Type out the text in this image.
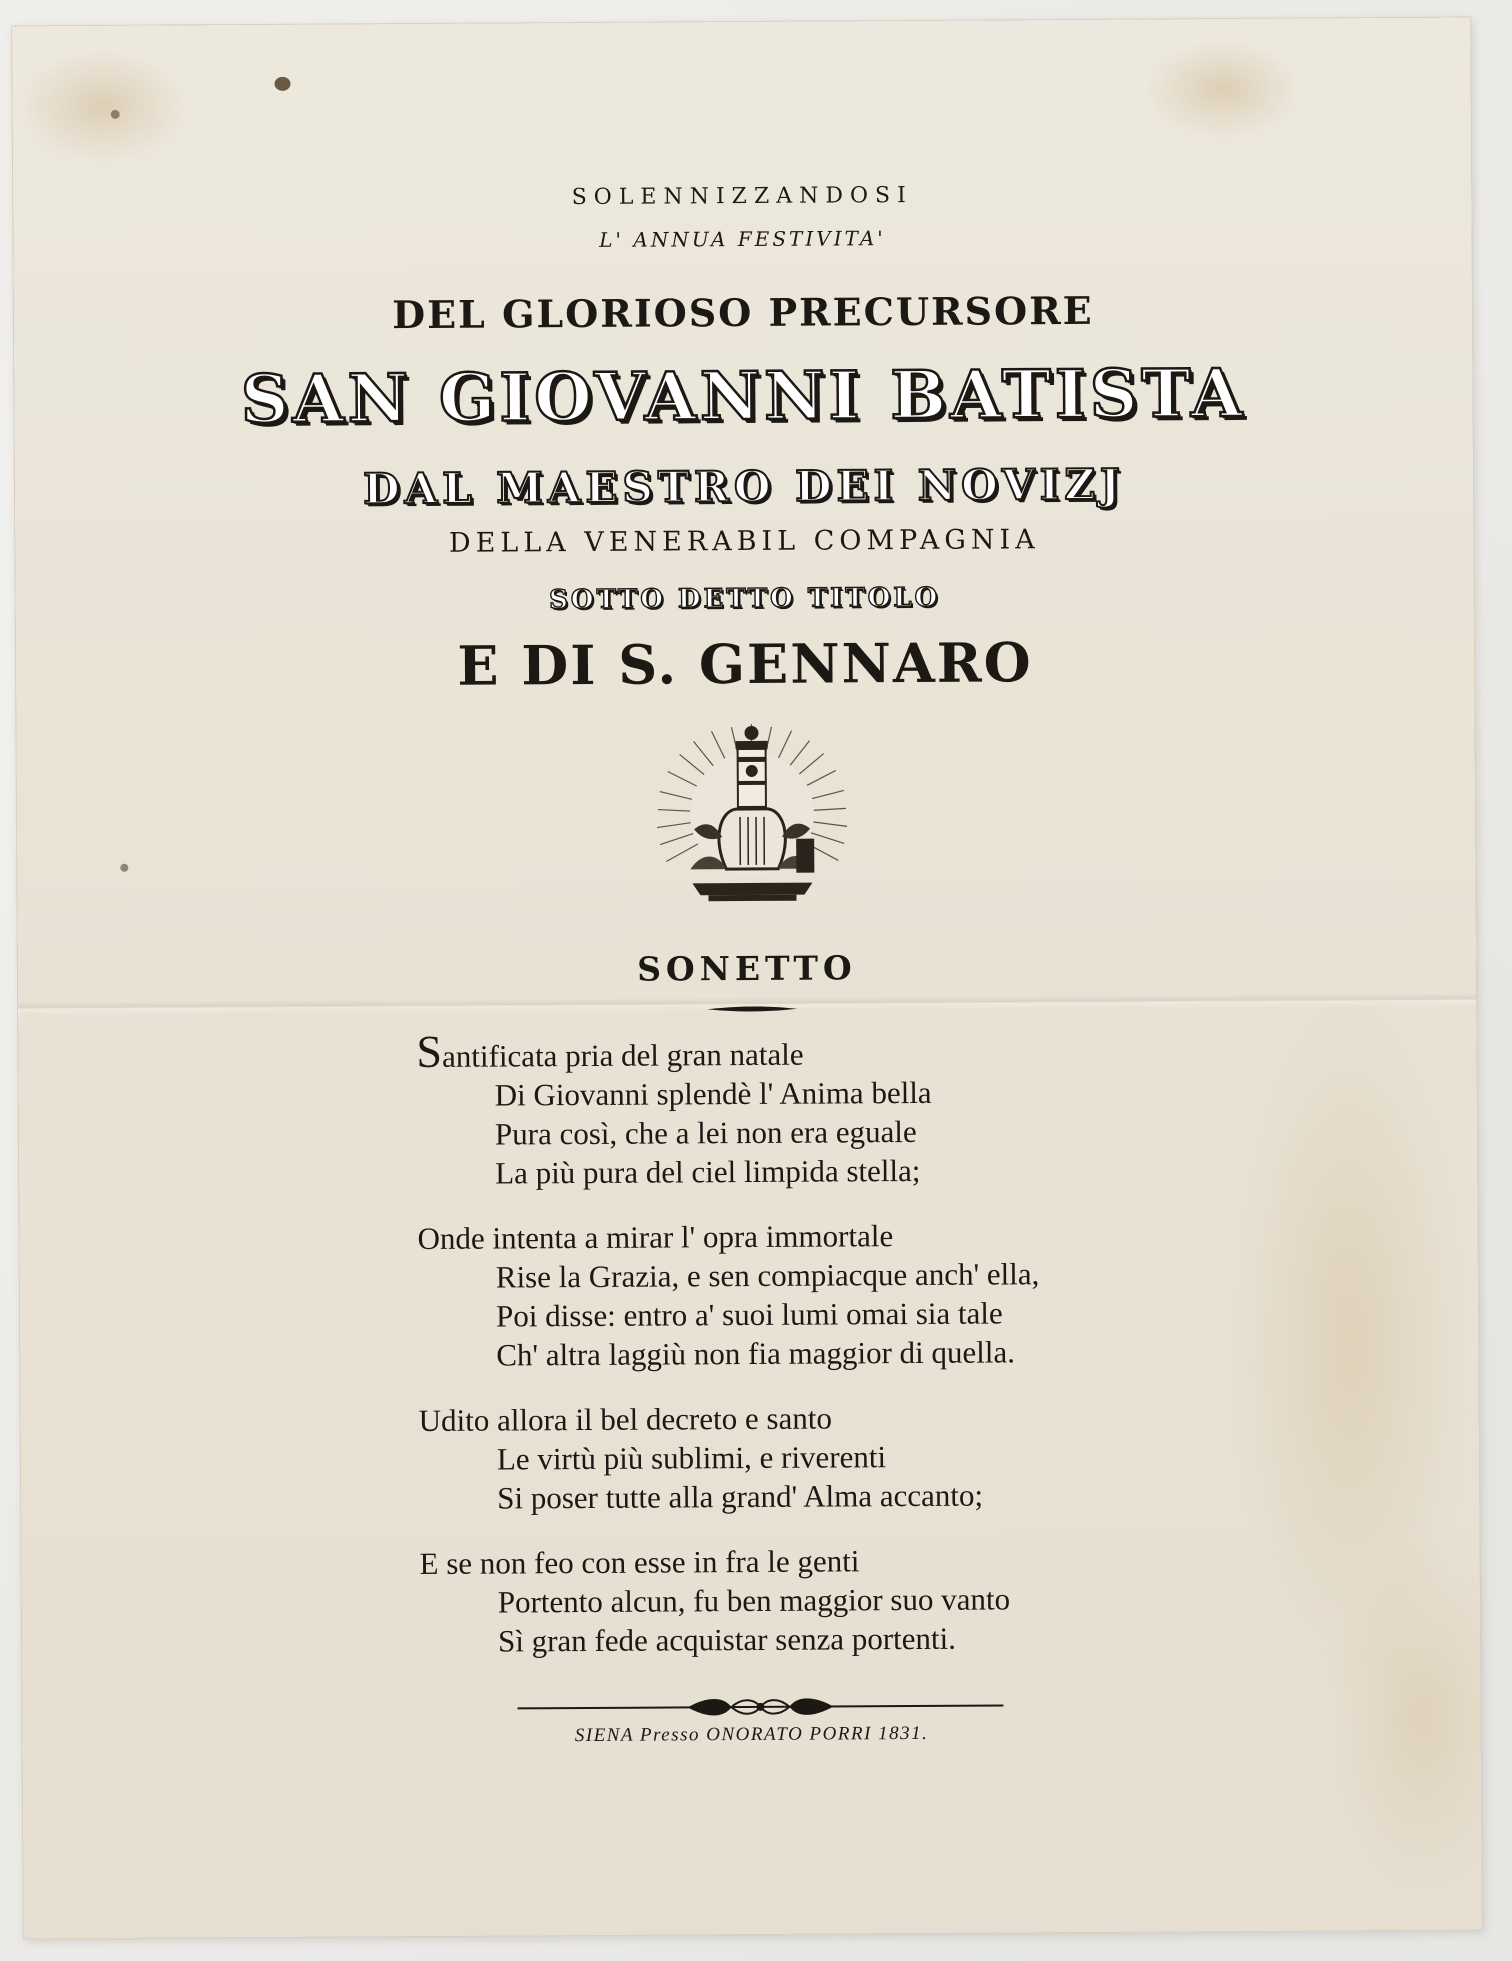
SOLENNIZZANDOSI
L' ANNUA FESTIVITA'
DEL GLORIOSO PRECURSORE
SAN GIOVANNI BATISTA
DAL MAESTRO DEI NOVIZJ
DELLA VENERABIL COMPAGNIA
SOTTO DETTO TITOLO
E DI S. GENNARO
SONETTO
Santificata pria del gran natale
Di Giovanni splendè l' Anima bella
Pura così, che a lei non era eguale
La più pura del ciel limpida stella;
Onde intenta a mirar l' opra immortale
Rise la Grazia, e sen compiacque anch' ella,
Poi disse: entro a' suoi lumi omai sia tale
Ch' altra laggiù non fia maggior di quella.
Udito allora il bel decreto e santo
Le virtù più sublimi, e riverenti
Si poser tutte alla grand' Alma accanto;
E se non feo con esse in fra le genti
Portento alcun, fu ben maggior suo vanto
Sì gran fede acquistar senza portenti.
SIENA Presso ONORATO PORRI 1831.
